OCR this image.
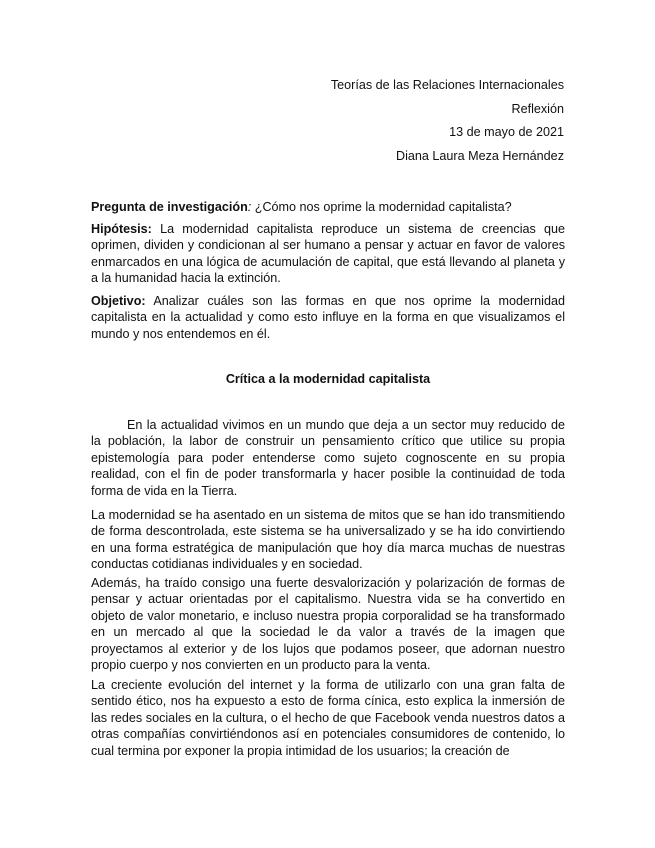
Teorías de las Relaciones Internacionales
Reflexión
13 de mayo de 2021
Diana Laura Meza Hernández
Pregunta de investigación: ¿Cómo nos oprime la modernidad capitalista?
Hipótesis: La modernidad capitalista reproduce un sistema de creencias que oprimen, dividen y condicionan al ser humano a pensar y actuar en favor de valores enmarcados en una lógica de acumulación de capital, que está llevando al planeta y a la humanidad hacia la extinción.
Objetivo: Analizar cuáles son las formas en que nos oprime la modernidad capitalista en la actualidad y como esto influye en la forma en que visualizamos el mundo y nos entendemos en él.
Crítica a la modernidad capitalista
En la actualidad vivimos en un mundo que deja a un sector muy reducido de la población, la labor de construir un pensamiento crítico que utilice su propia epistemología para poder entenderse como sujeto cognoscente en su propia realidad, con el fin de poder transformarla y hacer posible la continuidad de toda forma de vida en la Tierra.
La modernidad se ha asentado en un sistema de mitos que se han ido transmitiendo de forma descontrolada, este sistema se ha universalizado y se ha ido convirtiendo en una forma estratégica de manipulación que hoy día marca muchas de nuestras conductas cotidianas individuales y en sociedad.
Además, ha traído consigo una fuerte desvalorización y polarización de formas de pensar y actuar orientadas por el capitalismo. Nuestra vida se ha convertido en objeto de valor monetario, e incluso nuestra propia corporalidad se ha transformado en un mercado al que la sociedad le da valor a través de la imagen que proyectamos al exterior y de los lujos que podamos poseer, que adornan nuestro propio cuerpo y nos convierten en un producto para la venta.
La creciente evolución del internet y la forma de utilizarlo con una gran falta de sentido ético, nos ha expuesto a esto de forma cínica, esto explica la inmersión de las redes sociales en la cultura, o el hecho de que Facebook venda nuestros datos a otras compañías convirtiéndonos así en potenciales consumidores de contenido, lo cual termina por exponer la propia intimidad de los usuarios; la creación de
